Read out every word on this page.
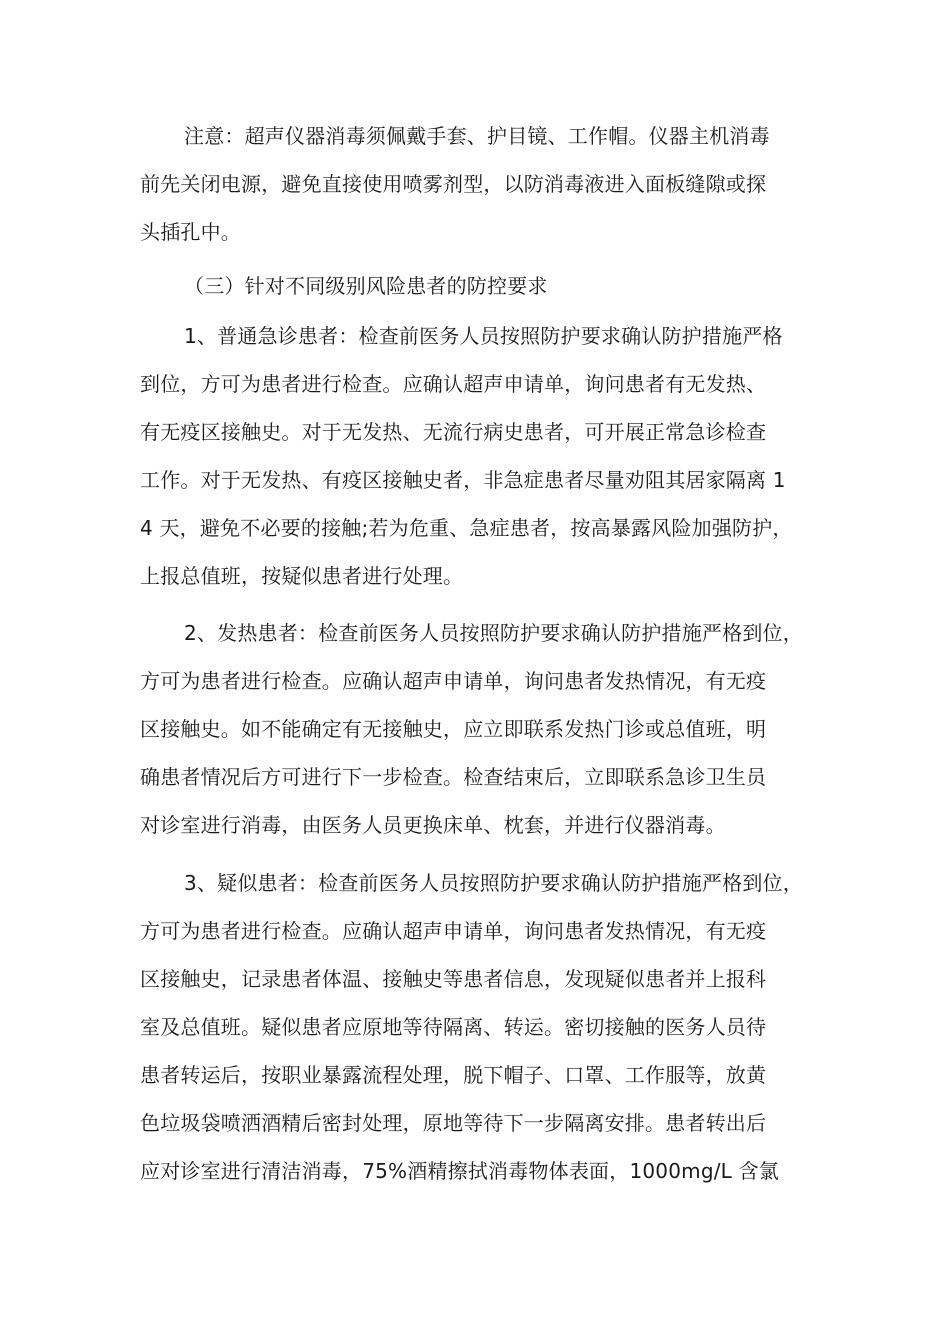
注意：超声仪器消毒须佩戴手套、护目镜、工作帽。仪器主机消毒
前先关闭电源，避免直接使用喷雾剂型，以防消毒液进入面板缝隙或探
头插孔中。
（三）针对不同级别风险患者的防控要求
1、普通急诊患者：检查前医务人员按照防护要求确认防护措施严格
到位，方可为患者进行检查。应确认超声申请单，询问患者有无发热、
有无疫区接触史。对于无发热、无流行病史患者，可开展正常急诊检查
工作。对于无发热、有疫区接触史者，非急症患者尽量劝阻其居家隔离 1
4 天，避免不必要的接触;若为危重、急症患者，按高暴露风险加强防护，
上报总值班，按疑似患者进行处理。
2、发热患者：检查前医务人员按照防护要求确认防护措施严格到位，
方可为患者进行检查。应确认超声申请单，询问患者发热情况，有无疫
区接触史。如不能确定有无接触史，应立即联系发热门诊或总值班，明
确患者情况后方可进行下一步检查。检查结束后，立即联系急诊卫生员
对诊室进行消毒，由医务人员更换床单、枕套，并进行仪器消毒。
3、疑似患者：检查前医务人员按照防护要求确认防护措施严格到位，
方可为患者进行检查。应确认超声申请单，询问患者发热情况，有无疫
区接触史，记录患者体温、接触史等患者信息，发现疑似患者并上报科
室及总值班。疑似患者应原地等待隔离、转运。密切接触的医务人员待
患者转运后，按职业暴露流程处理，脱下帽子、口罩、工作服等，放黄
色垃圾袋喷洒酒精后密封处理，原地等待下一步隔离安排。患者转出后
应对诊室进行清洁消毒，75%酒精擦拭消毒物体表面，1000mg/L 含氯
